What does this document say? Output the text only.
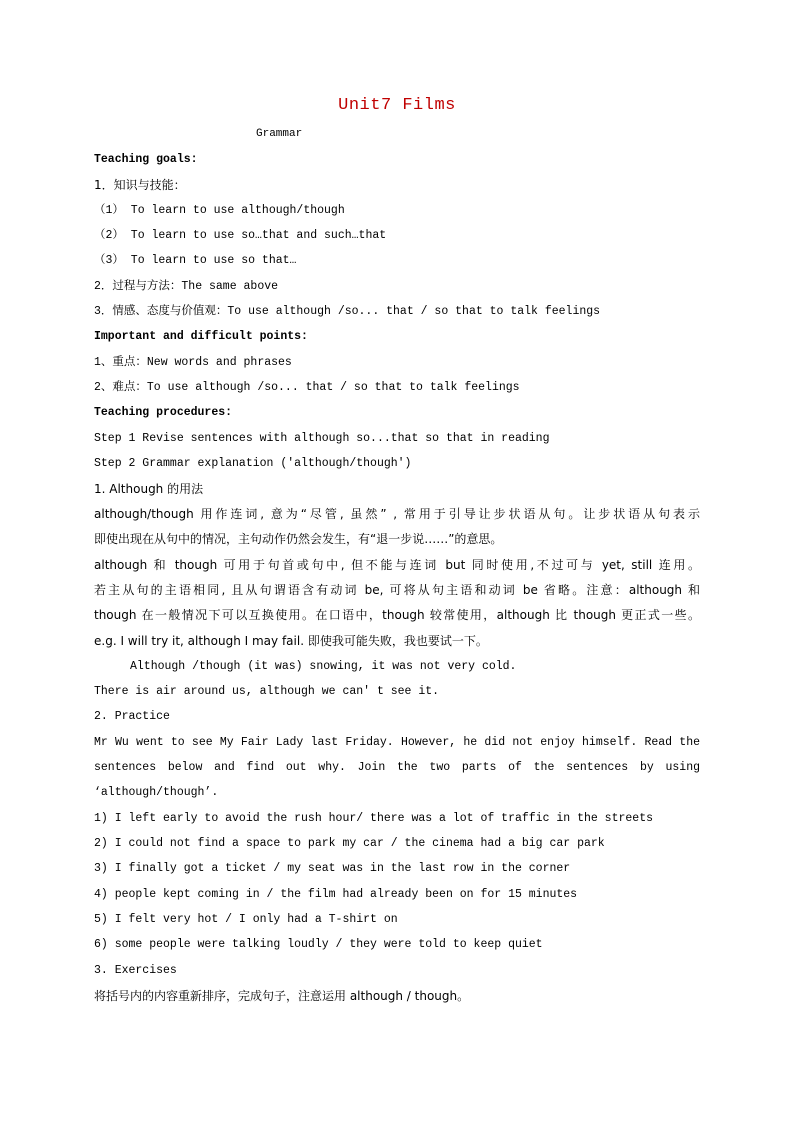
Unit7 Films
Grammar
Teaching goals:
1．知识与技能：
（1） To learn to use although/though
（2） To learn to use so…that and such…that
（3） To learn to use so that…
2．过程与方法：The same above
3．情感、态度与价值观：To use although /so... that / so that to talk feelings
Important and difficult points:
1、重点：New words and phrases
2、难点：To use although /so... that / so that to talk feelings
Teaching procedures:
Step 1 Revise sentences with although so...that so that in reading
Step 2 Grammar explanation ('although/though')
1. Although 的用法
although/though 用作连词, 意为“尽管, 虽然” , 常用于引导让步状语从句。让步状语从句表示
即使出现在从句中的情况，主句动作仍然会发生，有“退一步说……”的意思。
although 和 though 可用于句首或句中, 但不能与连词 but 同时使用,不过可与 yet, still 连用。
若主从句的主语相同, 且从句谓语含有动词 be, 可将从句主语和动词 be 省略。注意：although 和
though 在一般情况下可以互换使用。在口语中，though 较常使用，although 比 though 更正式一些。
e.g. I will try it, although I may fail. 即使我可能失败，我也要试一下。
Although /though (it was) snowing, it was not very cold.
There is air around us, although we can' t see it.
2. Practice
Mr Wu went to see My Fair Lady last Friday. However, he did not enjoy himself. Read the
sentences below and find out why. Join the two parts of the sentences by using
‘although/though’.
1) I left early to avoid the rush hour/ there was a lot of traffic in the streets
2) I could not find a space to park my car / the cinema had a big car park
3) I finally got a ticket / my seat was in the last row in the corner
4) people kept coming in / the film had already been on for 15 minutes
5) I felt very hot / I only had a T-shirt on
6) some people were talking loudly / they were told to keep quiet
3. Exercises
将括号内的内容重新排序，完成句子，注意运用 although / though。
